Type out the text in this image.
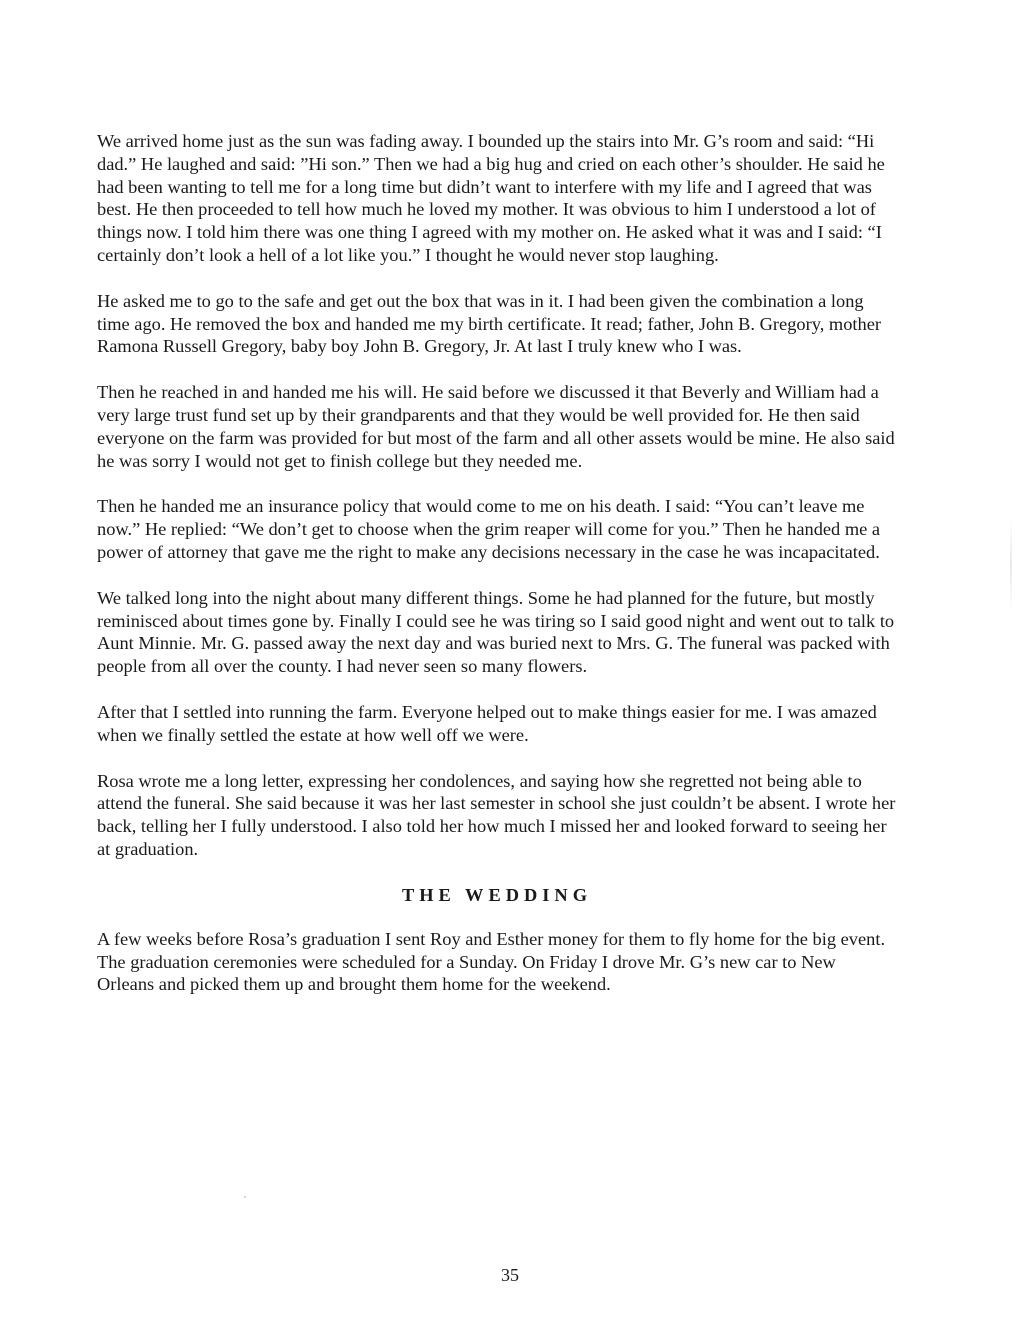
We arrived home just as the sun was fading away. I bounded up the stairs into Mr. G’s room and said: “Hi dad.” He laughed and said: ”Hi son.” Then we had a big hug and cried on each other’s shoulder. He said he had been wanting to tell me for a long time but didn’t want to interfere with my life and I agreed that was best. He then proceeded to tell how much he loved my mother. It was obvious to him I understood a lot of things now. I told him there was one thing I agreed with my mother on. He asked what it was and I said: “I certainly don’t look a hell of a lot like you.” I thought he would never stop laughing.

He asked me to go to the safe and get out the box that was in it. I had been given the combination a long time ago. He removed the box and handed me my birth certificate. It read; father, John B. Gregory, mother Ramona Russell Gregory, baby boy John B. Gregory, Jr. At last I truly knew who I was.

Then he reached in and handed me his will. He said before we discussed it that Beverly and William had a very large trust fund set up by their grandparents and that they would be well provided for. He then said everyone on the farm was provided for but most of the farm and all other assets would be mine. He also said he was sorry I would not get to finish college but they needed me.

Then he handed me an insurance policy that would come to me on his death. I said: “You can’t leave me now.” He replied: “We don’t get to choose when the grim reaper will come for you.” Then he handed me a power of attorney that gave me the right to make any decisions necessary in the case he was incapacitated.

We talked long into the night about many different things. Some he had planned for the future, but mostly reminisced about times gone by. Finally I could see he was tiring so I said good night and went out to talk to Aunt Minnie. Mr. G. passed away the next day and was buried next to Mrs. G. The funeral was packed with people from all over the county. I had never seen so many flowers.

After that I settled into running the farm. Everyone helped out to make things easier for me. I was amazed when we finally settled the estate at how well off we were.

Rosa wrote me a long letter, expressing her condolences, and saying how she regretted not being able to attend the funeral. She said because it was her last semester in school she just couldn’t be absent. I wrote her back, telling her I fully understood. I also told her how much I missed her and looked forward to seeing her at graduation.

THE WEDDING

A few weeks before Rosa’s graduation I sent Roy and Esther money for them to fly home for the big event. The graduation ceremonies were scheduled for a Sunday. On Friday I drove Mr. G’s new car to New Orleans and picked them up and brought them home for the weekend.

35
